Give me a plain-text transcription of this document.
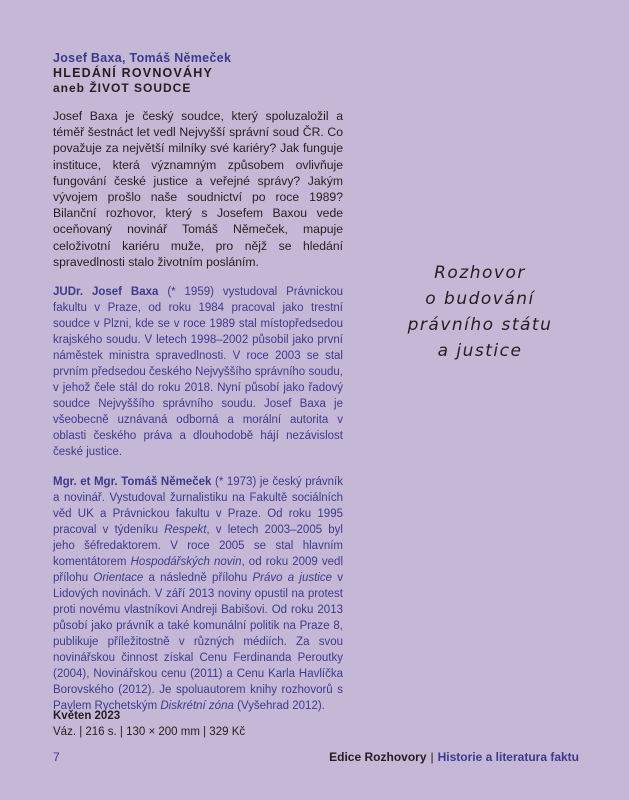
Josef Baxa, Tomáš Němeček
HLEDÁNÍ ROVNOVÁHY
aneb ŽIVOT SOUDCE

Josef Baxa je český soudce, který spoluzaložil a téměř šestnáct let vedl Nejvyšší správní soud ČR. Co považuje za největší milníky své kariéry? Jak funguje instituce, která významným způsobem ovlivňuje fungování české justice a veřejné správy? Jakým vývojem prošlo naše soudnictví po roce 1989? Bilanční rozhovor, který s Josefem Baxou vede oceňovaný novinář Tomáš Němeček, mapuje celoživotní kariéru muže, pro nějž se hledání spravedlnosti stalo životním posláním.

JUDr. Josef Baxa (* 1959) vystudoval Právnickou fakultu v Praze, od roku 1984 pracoval jako trestní soudce v Plzni, kde se v roce 1989 stal místopředsedou krajského soudu. V letech 1998–2002 působil jako první náměstek ministra spravedlnosti. V roce 2003 se stal prvním předsedou českého Nejvyššího správního soudu, v jehož čele stál do roku 2018. Nyní působí jako řadový soudce Nejvyššího správního soudu. Josef Baxa je všeobecně uznávaná odborná a morální autorita v oblasti českého práva a dlouhodobě hájí nezávislost české justice.

Mgr. et Mgr. Tomáš Němeček (* 1973) je český právník a novinář. Vystudoval žurnalistiku na Fakultě sociálních věd UK a Právnickou fakultu v Praze. Od roku 1995 pracoval v týdeníku Respekt, v letech 2003–2005 byl jeho šéfredaktorem. V roce 2005 se stal hlavním komentátorem Hospodářských novin, od roku 2009 vedl přílohu Orientace a následně přílohu Právo a justice v Lidových novinách. V září 2013 noviny opustil na protest proti novému vlastníkovi Andreji Babišovi. Od roku 2013 působí jako právník a také komunální politik na Praze 8, publikuje příležitostně v různých médiích. Za svou novinářskou činnost získal Cenu Ferdinanda Peroutky (2004), Novinářskou cenu (2011) a Cenu Karla Havlíčka Borovského (2012). Je spoluautorem knihy rozhovorů s Pavlem Rychetským Diskrétní zóna (Vyšehrad 2012).

Květen 2023
Váz. | 216 s. | 130 × 200 mm | 329 Kč
Rozhovor
o budování
právního státu
a justice
7	Edice Rozhovory | Historie a literatura faktu
